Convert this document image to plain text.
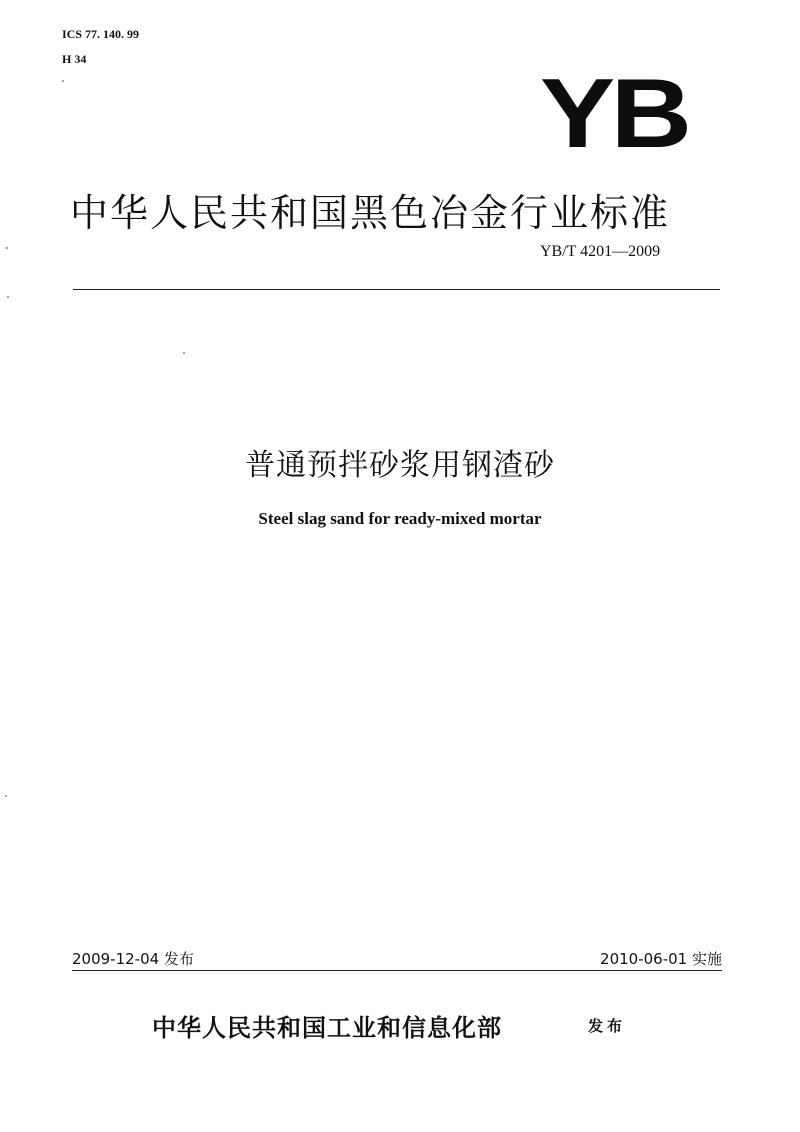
ICS 77. 140. 99
H 34	YB
中华人民共和国黑色冶金行业标准
YB/T 4201—2009
普通预拌砂浆用钢渣砂
Steel slag sand for ready-mixed mortar
2009-12-04 发布	2010-06-01 实施
中华人民共和国工业和信息化部	发布
